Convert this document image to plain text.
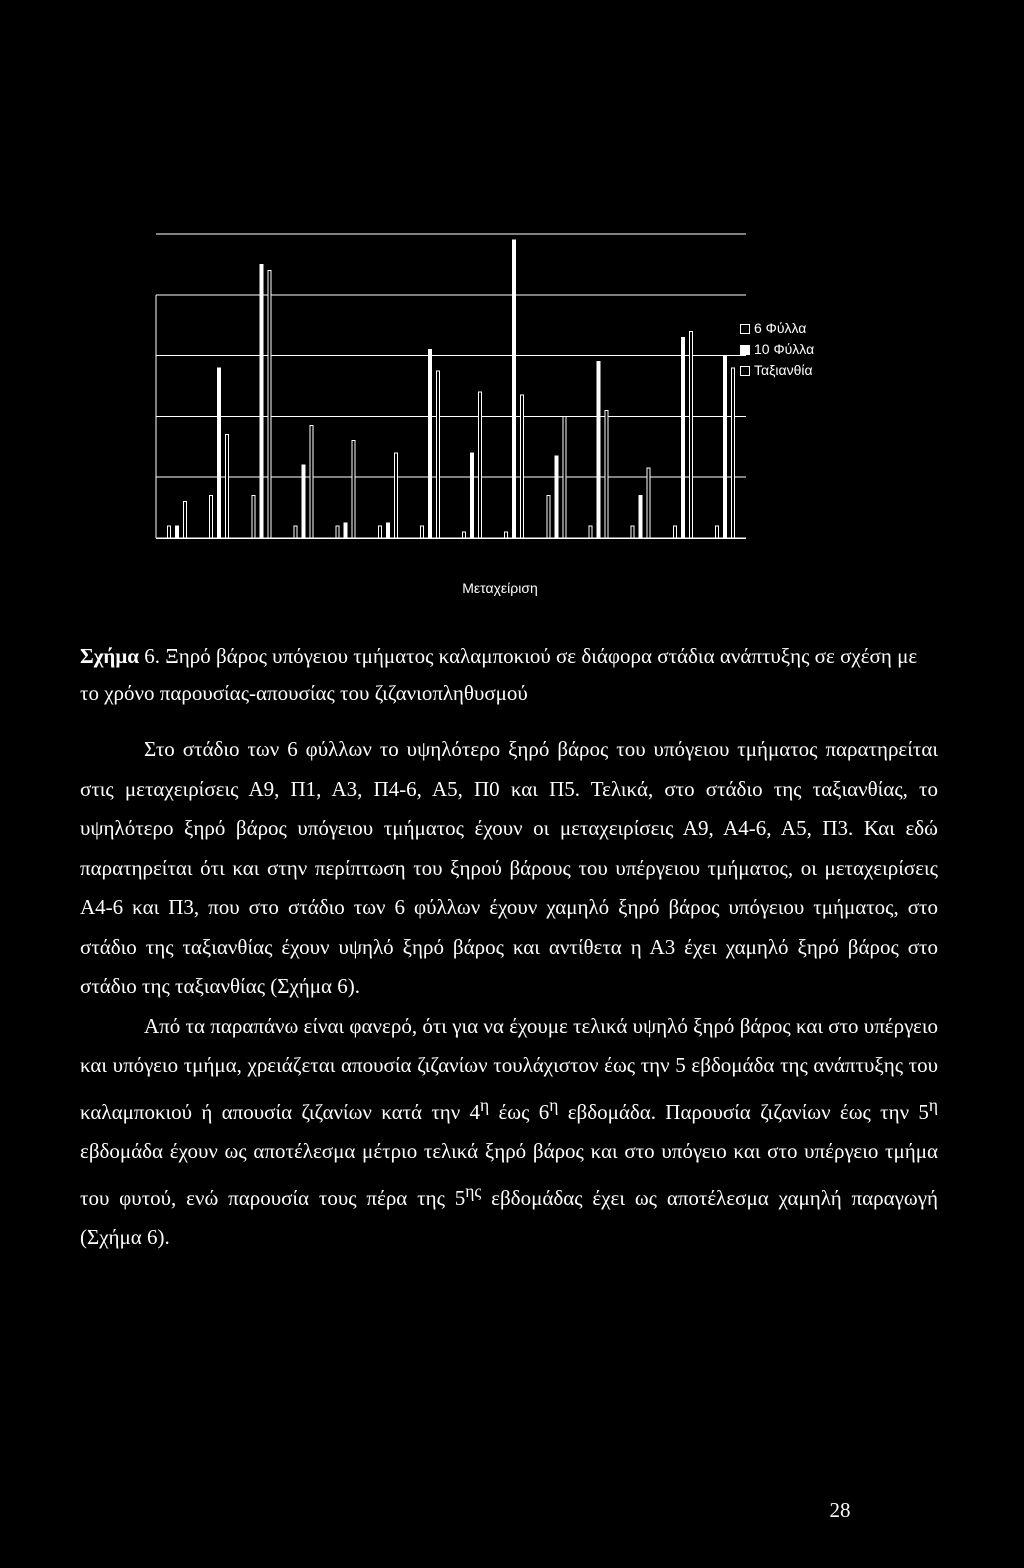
6 Φύλλα
10 Φύλλα
Ταξιανθία
Μεταχείριση
Σχήμα 6. Ξηρό βάρος υπόγειου τμήματος καλαμποκιού σε διάφορα στάδια ανάπτυξης σε σχέση με το χρόνο παρουσίας-απουσίας του ζιζανιοπληθυσμού

Στο στάδιο των 6 φύλλων το υψηλότερο ξηρό βάρος του υπόγειου τμήματος παρατηρείται στις μεταχειρίσεις Α9, Π1, Α3, Π4-6, Α5, Π0 και Π5. Τελικά, στο στάδιο της ταξιανθίας, το υψηλότερο ξηρό βάρος υπόγειου τμήματος έχουν οι μεταχειρίσεις Α9, Α4-6, Α5, Π3. Και εδώ παρατηρείται ότι και στην περίπτωση του ξηρού βάρους του υπέργειου τμήματος, οι μεταχειρίσεις Α4-6 και Π3, που στο στάδιο των 6 φύλλων έχουν χαμηλό ξηρό βάρος υπόγειου τμήματος, στο στάδιο της ταξιανθίας έχουν υψηλό ξηρό βάρος και αντίθετα η Α3 έχει χαμηλό ξηρό βάρος στο στάδιο της ταξιανθίας (Σχήμα 6).

Από τα παραπάνω είναι φανερό, ότι για να έχουμε τελικά υψηλό ξηρό βάρος και στο υπέργειο και υπόγειο τμήμα, χρειάζεται απουσία ζιζανίων τουλάχιστον έως την 5 εβδομάδα της ανάπτυξης του καλαμποκιού ή απουσία ζιζανίων κατά την $4^\eta$ έως $6^\eta$ εβδομάδα. Παρουσία ζιζανίων έως την $5^\eta$ εβδομάδα έχουν ως αποτέλεσμα μέτριο τελικά ξηρό βάρος και στο υπόγειο και στο υπέργειο τμήμα του φυτού, ενώ παρουσία τους πέρα της $5^{\eta\varsigma}$ εβδομάδας έχει ως αποτέλεσμα χαμηλή παραγωγή (Σχήμα 6).

28
